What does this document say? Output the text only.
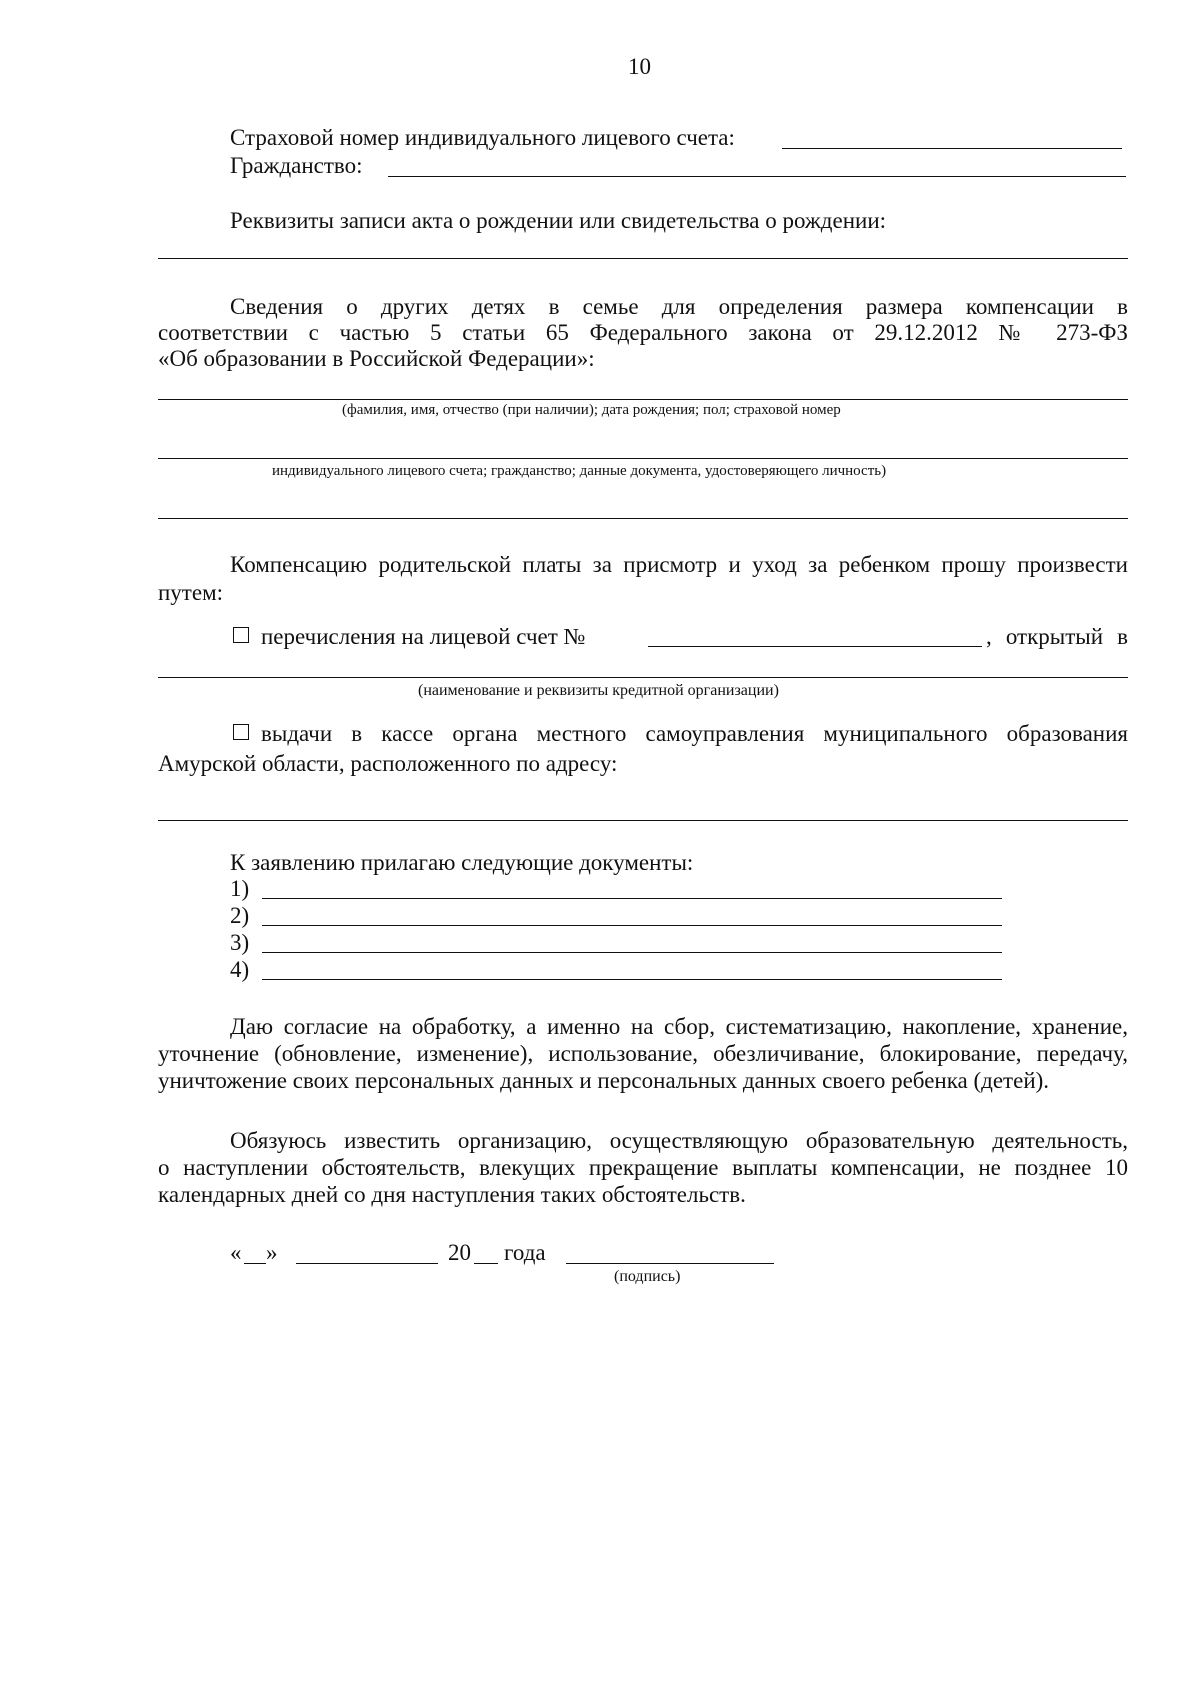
10
Страховой номер индивидуального лицевого счета:
Гражданство:
Реквизиты записи акта о рождении или свидетельства о рождении:
Сведения о других детях в семье для определения размера компенсации в
соответствии с частью 5 статьи 65 Федерального закона от 29.12.2012 № 273-ФЗ
«Об образовании в Российской Федерации»:
(фамилия, имя, отчество (при наличии); дата рождения; пол; страховой номер
индивидуального лицевого счета; гражданство; данные документа, удостоверяющего личность)
Компенсацию родительской платы за присмотр и уход за ребенком прошу произвести
путем:
перечисления на лицевой счет №	, открытый в
(наименование и реквизиты кредитной организации)
выдачи в кассе органа местного самоуправления муниципального образования
Амурской области, расположенного по адресу:
К заявлению прилагаю следующие документы:
1)
2)
3)
4)
Даю согласие на обработку, а именно на сбор, систематизацию, накопление, хранение,
уточнение (обновление, изменение), использование, обезличивание, блокирование, передачу,
уничтожение своих персональных данных и персональных данных своего ребенка (детей).
Обязуюсь известить организацию, осуществляющую образовательную деятельность,
о наступлении обстоятельств, влекущих прекращение выплаты компенсации, не позднее 10
календарных дней со дня наступления таких обстоятельств.
« »	20 года
(подпись)
